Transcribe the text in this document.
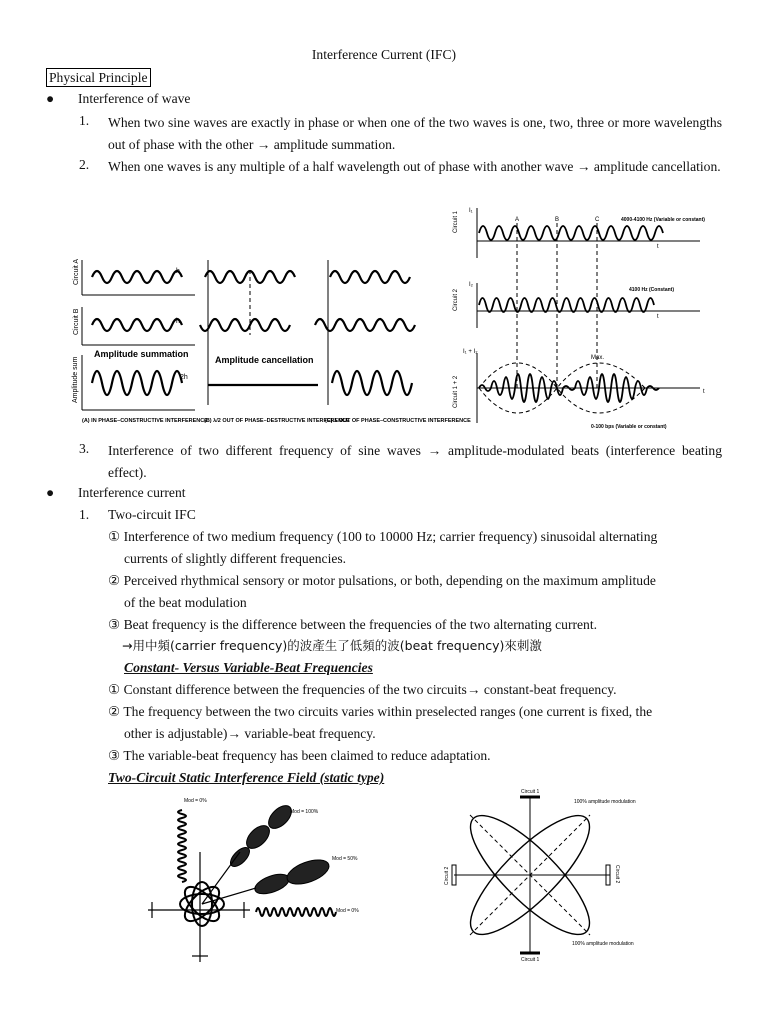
Interference Current (IFC)
Physical Principle
● Interference of wave
1. When two sine waves are exactly in phase or when one of the two waves is one, two, three or more wavelengths out of phase with the other → amplitude summation.
2. When one waves is any multiple of a half wavelength out of phase with another wave → amplitude cancellation.
Circuit A
Circuit B
Amplitude sum
h
h
2h
Amplitude summation
Amplitude cancellation
(A) IN PHASE–CONSTRUCTIVE INTERFERENCE
(B) λ/2 OUT OF PHASE–DESTRUCTIVE INTERFERENCE
(C) λ OUT OF PHASE–CONSTRUCTIVE INTERFERENCE
Circuit 1
Circuit 2
Circuit 1 + 2
I₁
I₂
I₁ + I₂
A	B	C
t
t
t
4000-4100 Hz (Variable or constant)
4100 Hz (Constant)
Max.
0-100 bps (Variable or constant)
3. Interference of two different frequency of sine waves → amplitude-modulated beats (interference beating effect).
● Interference current
1. Two-circuit IFC
① Interference of two medium frequency (100 to 10000 Hz; carrier frequency) sinusoidal alternating
currents of slightly different frequencies.
② Perceived rhythmical sensory or motor pulsations, or both, depending on the maximum amplitude
of the beat modulation
③ Beat frequency is the difference between the frequencies of the two alternating current.
→用中頻(carrier frequency)的波產生了低頻的波(beat frequency)來刺激
Constant- Versus Variable-Beat Frequencies
① Constant difference between the frequencies of the two circuits→ constant-beat frequency.
② The frequency between the two circuits varies within preselected ranges (one current is fixed, the
other is adjustable)→ variable-beat frequency.
③ The variable-beat frequency has been claimed to reduce adaptation.
Two-Circuit Static Interference Field (static type)
Mod = 0%
Mod = 100%
Mod = 50%
Mod = 0%
Circuit 1
Circuit 1
Circuit 2	Circuit 2
100% amplitude modulation
100% amplitude modulation
